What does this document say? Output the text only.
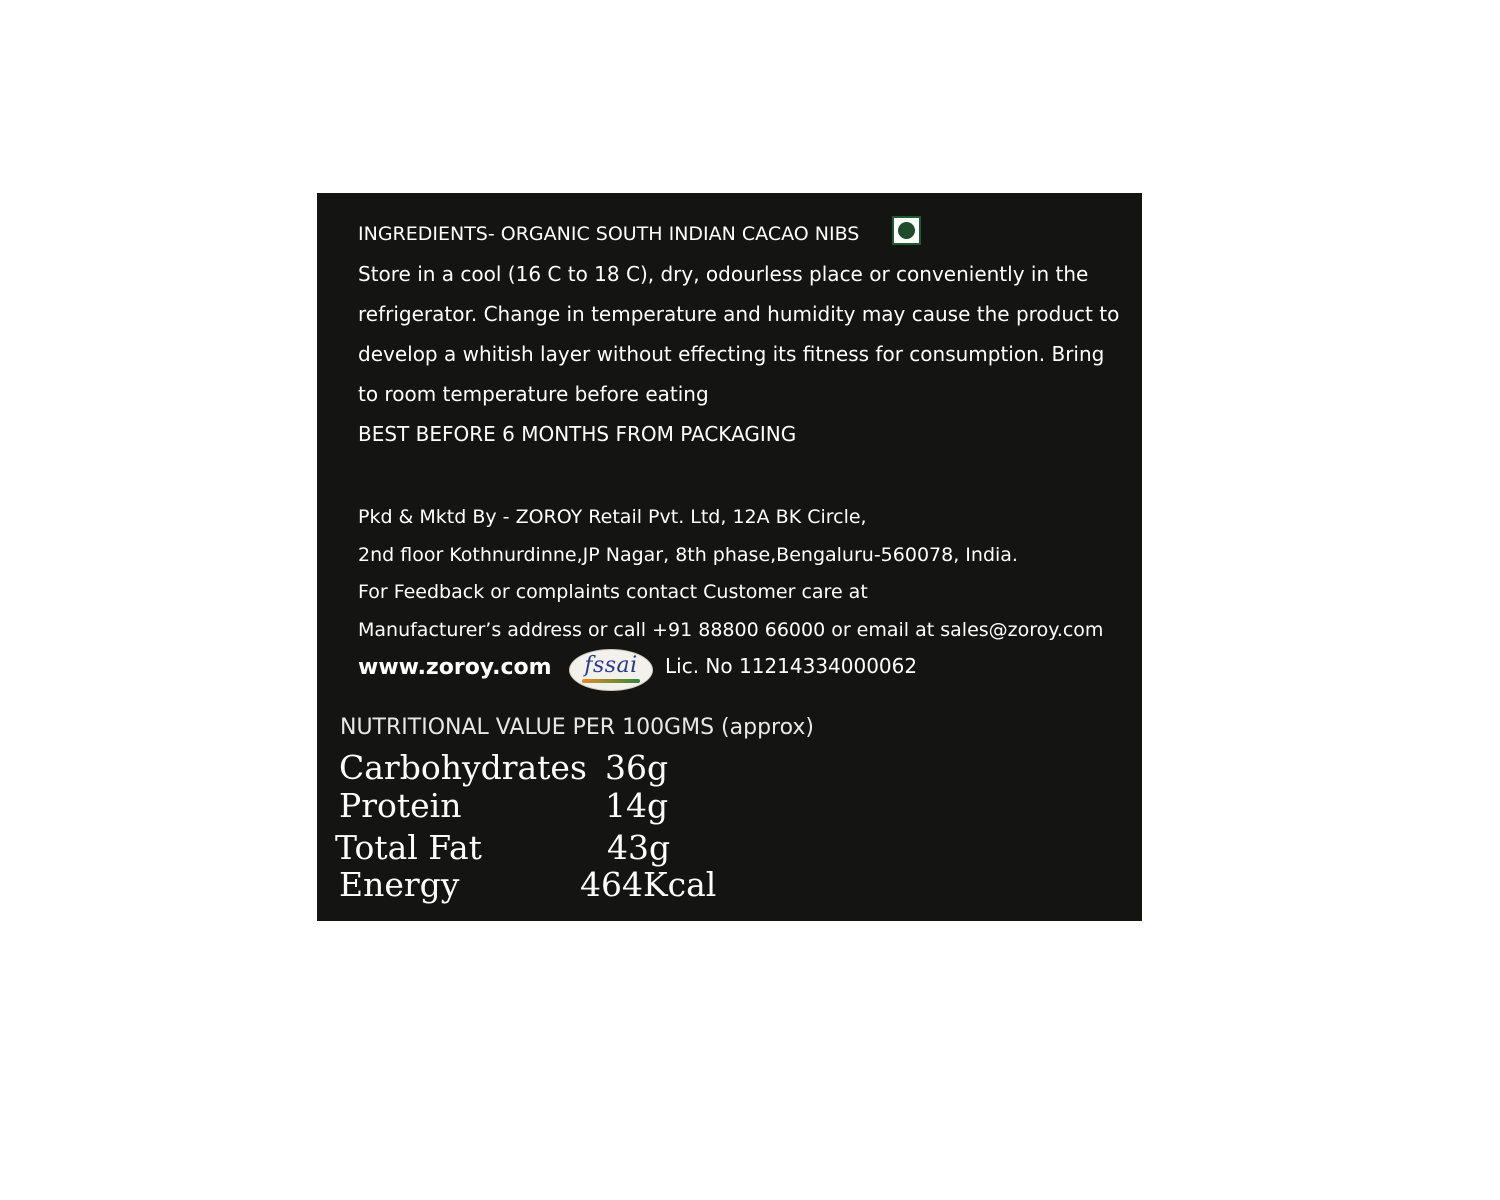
INGREDIENTS- ORGANIC SOUTH INDIAN CACAO NIBS
Store in a cool (16 C to 18 C), dry, odourless place or conveniently in the
refrigerator. Change in temperature and humidity may cause the product to
develop a whitish layer without effecting its fitness for consumption. Bring
to room temperature before eating
BEST BEFORE 6 MONTHS FROM PACKAGING
Pkd & Mktd By - ZOROY Retail Pvt. Ltd, 12A BK Circle,
2nd floor Kothnurdinne,JP Nagar, 8th phase,Bengaluru-560078, India.
For Feedback or complaints contact Customer care at
Manufacturer’s address or call +91 88800 66000 or email at sales@zoroy.com
www.zoroy.com	fssai	Lic. No 11214334000062
NUTRITIONAL VALUE PER 100GMS (approx)
Carbohydrates 36g
Protein	14g
Total Fat	43g
Energy	464Kcal
